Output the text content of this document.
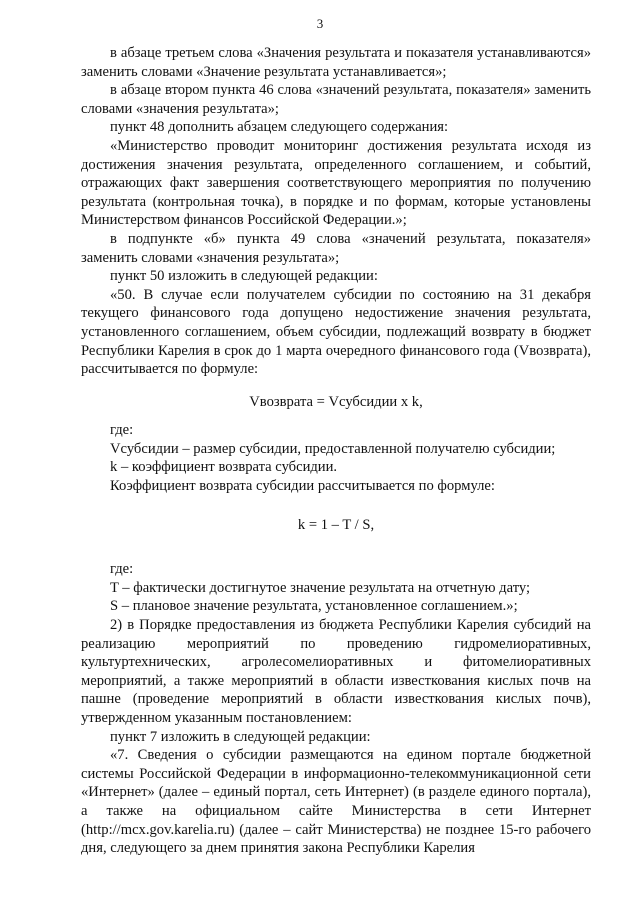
3

в абзаце третьем слова «Значения результата и показателя устанавливаются» заменить словами «Значение результата устанавливается»;

в абзаце втором пункта 46 слова «значений результата, показателя» заменить словами «значения результата»;

пункт 48 дополнить абзацем следующего содержания:

«Министерство проводит мониторинг достижения результата исходя из достижения значения результата, определенного соглашением, и событий, отражающих факт завершения соответствующего мероприятия по получению результата (контрольная точка), в порядке и по формам, которые установлены Министерством финансов Российской Федерации.»;

в подпункте «б» пункта 49 слова «значений результата, показателя» заменить словами «значения результата»;

пункт 50 изложить в следующей редакции:

«50. В случае если получателем субсидии по состоянию на 31 декабря текущего финансового года допущено недостижение значения результата, установленного соглашением, объем субсидии, подлежащий возврату в бюджет Республики Карелия в срок до 1 марта очередного финансового года (Vвозврата), рассчитывается по формуле:

Vвозврата = Vсубсидии x k,

где:

Vсубсидии – размер субсидии, предоставленной получателю субсидии;

k – коэффициент возврата субсидии.

Коэффициент возврата субсидии рассчитывается по формуле:

k = 1 – T / S,

где:

T – фактически достигнутое значение результата на отчетную дату;

S – плановое значение результата, установленное соглашением.»;

2) в Порядке предоставления из бюджета Республики Карелия субсидий на реализацию мероприятий по проведению гидромелиоративных, культуртехнических, агролесомелиоративных и фитомелиоративных мероприятий, а также мероприятий в области известкования кислых почв на пашне (проведение мероприятий в области известкования кислых почв), утвержденном указанным постановлением:

пункт 7 изложить в следующей редакции:

«7. Сведения о субсидии размещаются на едином портале бюджетной системы Российской Федерации в информационно-телекоммуникационной сети «Интернет» (далее – единый портал, сеть Интернет) (в разделе единого портала), а также на официальном сайте Министерства в сети Интернет (http://mcx.gov.karelia.ru) (далее – сайт Министерства) не позднее 15-го рабочего дня, следующего за днем принятия закона Республики Карелия
